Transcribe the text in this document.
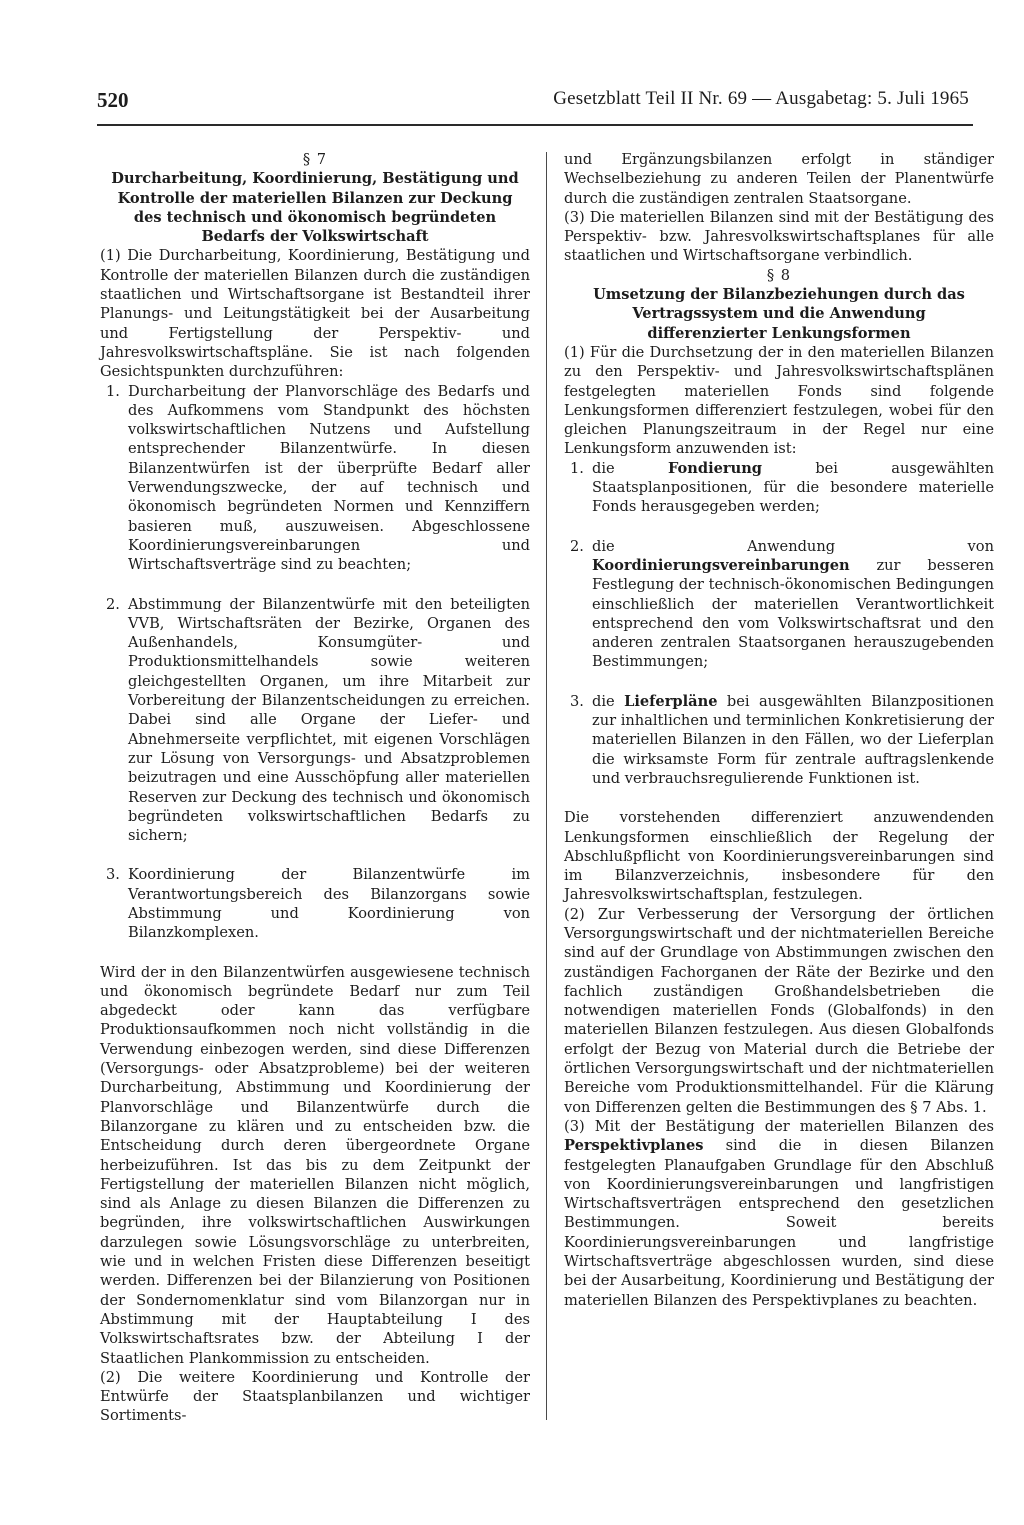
520	Gesetzblatt Teil II Nr. 69 — Ausgabetag: 5. Juli 1965

§ 7

Durcharbeitung, Koordinierung, Bestätigung und Kontrolle der materiellen Bilanzen zur Deckung des technisch und ökonomisch begründeten Bedarfs der Volkswirtschaft

(1) Die Durcharbeitung, Koordinierung, Bestätigung und Kontrolle der materiellen Bilanzen durch die zuständigen staatlichen und Wirtschaftsorgane ist Bestandteil ihrer Planungs- und Leitungstätigkeit bei der Ausarbeitung und Fertigstellung der Perspektiv- und Jahresvolkswirtschaftspläne. Sie ist nach folgenden Gesichtspunkten durchzuführen:

1. Durcharbeitung der Planvorschläge des Bedarfs und des Aufkommens vom Standpunkt des höchsten volkswirtschaftlichen Nutzens und Aufstellung entsprechender Bilanzentwürfe. In diesen Bilanzentwürfen ist der überprüfte Bedarf aller Verwendungszwecke, der auf technisch und ökonomisch begründeten Normen und Kennziffern basieren muß, auszuweisen. Abgeschlossene Koordinierungsvereinbarungen und Wirtschaftsverträge sind zu beachten;
2. Abstimmung der Bilanzentwürfe mit den beteiligten VVB, Wirtschaftsräten der Bezirke, Organen des Außenhandels, Konsumgüter- und Produktionsmittelhandels sowie weiteren gleichgestellten Organen, um ihre Mitarbeit zur Vorbereitung der Bilanzentscheidungen zu erreichen. Dabei sind alle Organe der Liefer- und Abnehmerseite verpflichtet, mit eigenen Vorschlägen zur Lösung von Versorgungs- und Absatzproblemen beizutragen und eine Ausschöpfung aller materiellen Reserven zur Deckung des technisch und ökonomisch begründeten volkswirtschaftlichen Bedarfs zu sichern;
3. Koordinierung der Bilanzentwürfe im Verantwortungsbereich des Bilanzorgans sowie Abstimmung und Koordinierung von Bilanzkomplexen.

Wird der in den Bilanzentwürfen ausgewiesene technisch und ökonomisch begründete Bedarf nur zum Teil abgedeckt oder kann das verfügbare Produktionsaufkommen noch nicht vollständig in die Verwendung einbezogen werden, sind diese Differenzen (Versorgungs- oder Absatzprobleme) bei der weiteren Durcharbeitung, Abstimmung und Koordinierung der Planvorschläge und Bilanzentwürfe durch die Bilanzorgane zu klären und zu entscheiden bzw. die Entscheidung durch deren übergeordnete Organe herbeizuführen. Ist das bis zu dem Zeitpunkt der Fertigstellung der materiellen Bilanzen nicht möglich, sind als Anlage zu diesen Bilanzen die Differenzen zu begründen, ihre volkswirtschaftlichen Auswirkungen darzulegen sowie Lösungsvorschläge zu unterbreiten, wie und in welchen Fristen diese Differenzen beseitigt werden. Differenzen bei der Bilanzierung von Positionen der Sondernomenklatur sind vom Bilanzorgan nur in Abstimmung mit der Hauptabteilung I des Volkswirtschaftsrates bzw. der Abteilung I der Staatlichen Plankommission zu entscheiden.

(2) Die weitere Koordinierung und Kontrolle der Entwürfe der Staatsplanbilanzen und wichtiger Sortiments-

und Ergänzungsbilanzen erfolgt in ständiger Wechselbeziehung zu anderen Teilen der Planentwürfe durch die zuständigen zentralen Staatsorgane.

(3) Die materiellen Bilanzen sind mit der Bestätigung des Perspektiv- bzw. Jahresvolkswirtschaftsplanes für alle staatlichen und Wirtschaftsorgane verbindlich.

§ 8

Umsetzung der Bilanzbeziehungen durch das Vertragssystem und die Anwendung differenzierter Lenkungsformen

(1) Für die Durchsetzung der in den materiellen Bilanzen zu den Perspektiv- und Jahresvolkswirtschaftsplänen festgelegten materiellen Fonds sind folgende Lenkungsformen differenziert festzulegen, wobei für den gleichen Planungszeitraum in der Regel nur eine Lenkungsform anzuwenden ist:

1. die Fondierung bei ausgewählten Staatsplanpositionen, für die besondere materielle Fonds herausgegeben werden;
2. die Anwendung von Koordinierungsvereinbarungen zur besseren Festlegung der technisch-ökonomischen Bedingungen einschließlich der materiellen Verantwortlichkeit entsprechend den vom Volkswirtschaftsrat und den anderen zentralen Staatsorganen herauszugebenden Bestimmungen;
3. die Lieferpläne bei ausgewählten Bilanzpositionen zur inhaltlichen und terminlichen Konkretisierung der materiellen Bilanzen in den Fällen, wo der Lieferplan die wirksamste Form für zentrale auftragslenkende und verbrauchsregulierende Funktionen ist.

Die vorstehenden differenziert anzuwendenden Lenkungsformen einschließlich der Regelung der Abschlußpflicht von Koordinierungsvereinbarungen sind im Bilanzverzeichnis, insbesondere für den Jahresvolkswirtschaftsplan, festzulegen.

(2) Zur Verbesserung der Versorgung der örtlichen Versorgungswirtschaft und der nichtmateriellen Bereiche sind auf der Grundlage von Abstimmungen zwischen den zuständigen Fachorganen der Räte der Bezirke und den fachlich zuständigen Großhandelsbetrieben die notwendigen materiellen Fonds (Globalfonds) in den materiellen Bilanzen festzulegen. Aus diesen Globalfonds erfolgt der Bezug von Material durch die Betriebe der örtlichen Versorgungswirtschaft und der nichtmateriellen Bereiche vom Produktionsmittelhandel. Für die Klärung von Differenzen gelten die Bestimmungen des § 7 Abs. 1.

(3) Mit der Bestätigung der materiellen Bilanzen des Perspektivplanes sind die in diesen Bilanzen festgelegten Planaufgaben Grundlage für den Abschluß von Koordinierungsvereinbarungen und langfristigen Wirtschaftsverträgen entsprechend den gesetzlichen Bestimmungen. Soweit bereits Koordinierungsvereinbarungen und langfristige Wirtschaftsverträge abgeschlossen wurden, sind diese bei der Ausarbeitung, Koordinierung und Bestätigung der materiellen Bilanzen des Perspektivplanes zu beachten.
